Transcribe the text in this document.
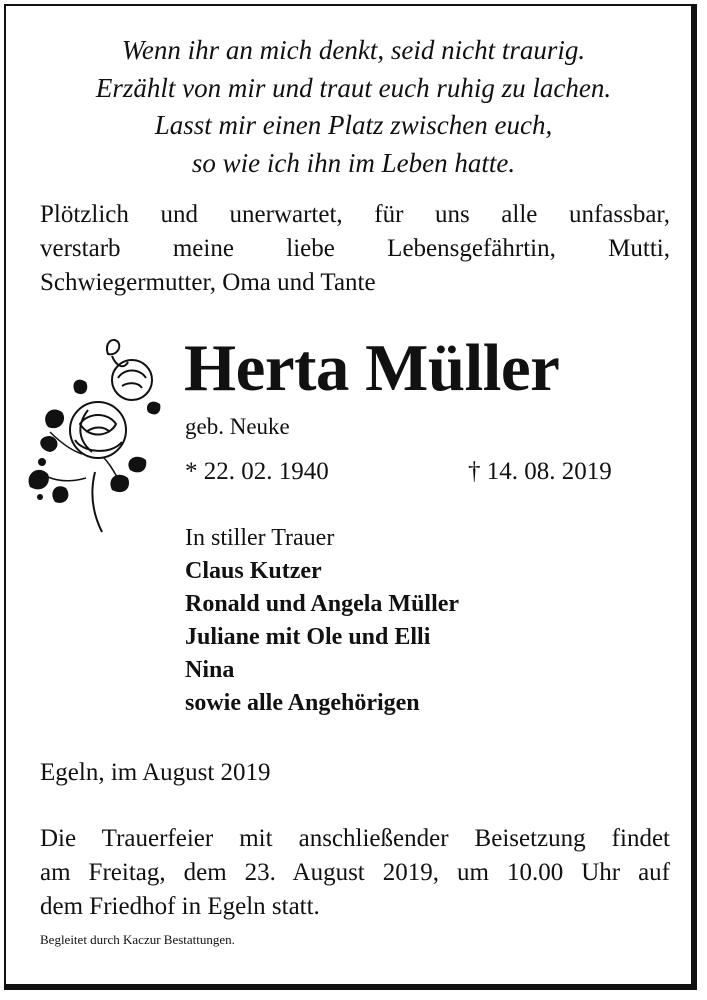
Wenn ihr an mich denkt, seid nicht traurig.
Erzählt von mir und traut euch ruhig zu lachen.
Lasst mir einen Platz zwischen euch,
so wie ich ihn im Leben hatte.
Plötzlich und unerwartet, für uns alle unfassbar,
verstarb meine liebe Lebensgefährtin, Mutti,
Schwiegermutter, Oma und Tante
Herta Müller
geb. Neuke
* 22. 02. 1940	† 14. 08. 2019
In stiller Trauer
Claus Kutzer
Ronald und Angela Müller
Juliane mit Ole und Elli
Nina
sowie alle Angehörigen
Egeln, im August 2019
Die Trauerfeier mit anschließender Beisetzung findet
am Freitag, dem 23. August 2019, um 10.00 Uhr auf
dem Friedhof in Egeln statt.
Begleitet durch Kaczur Bestattungen.
